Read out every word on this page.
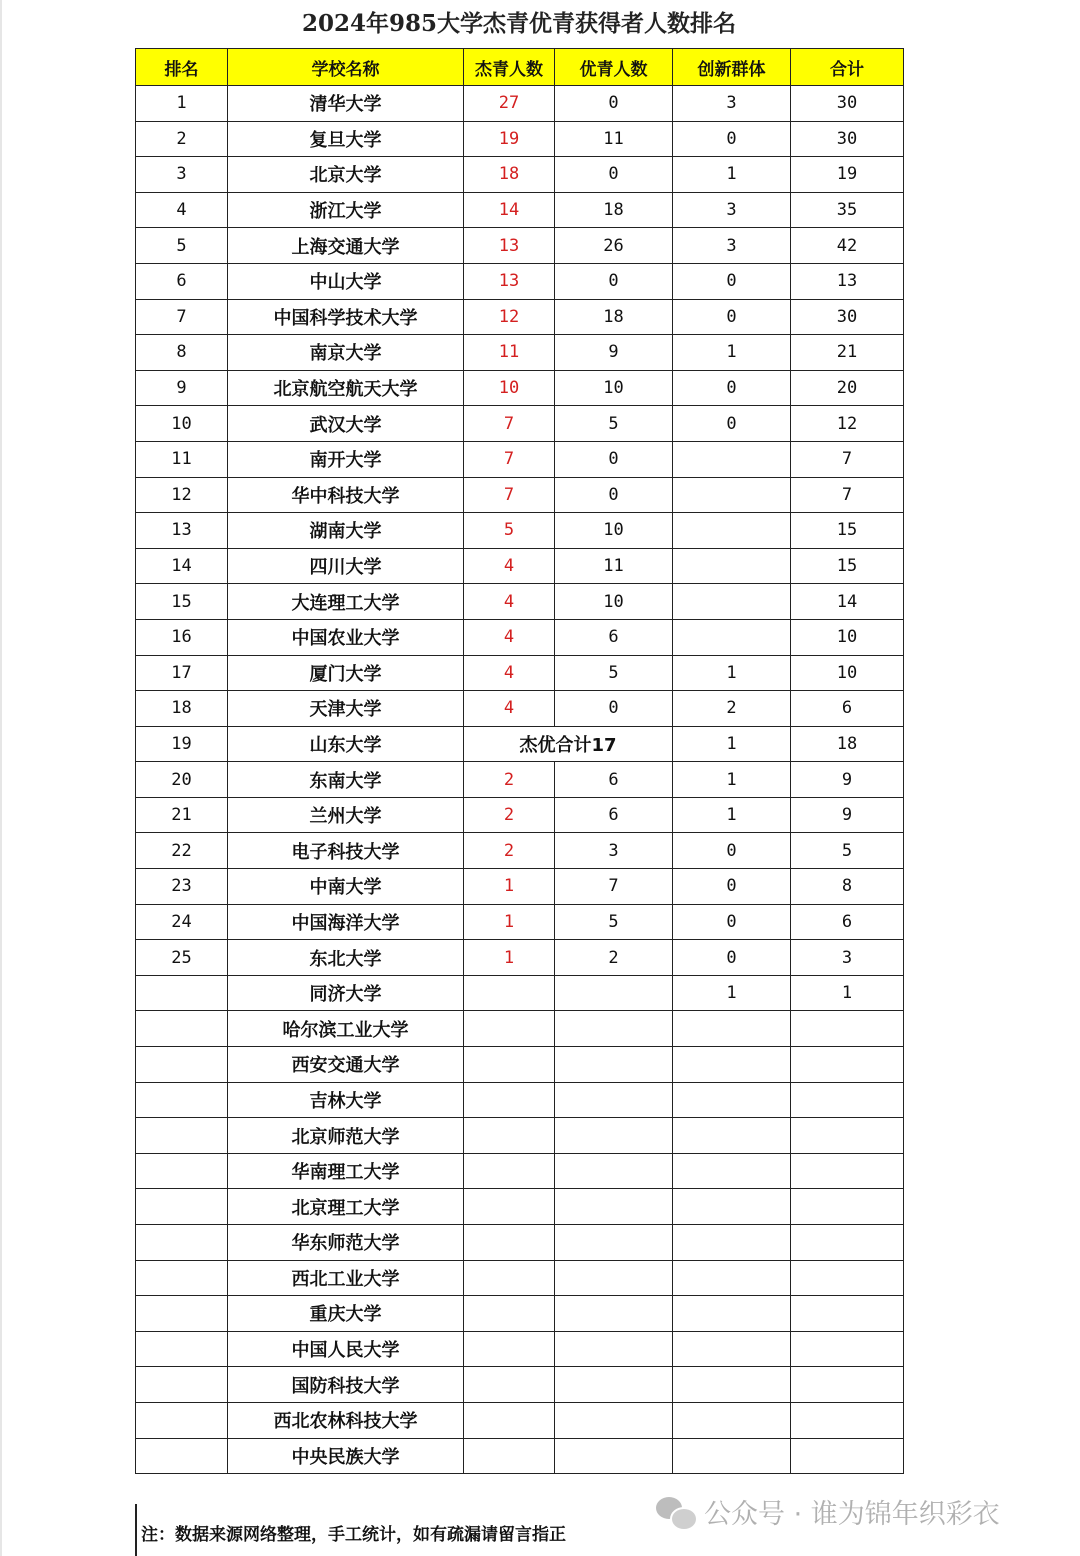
2024年985大学杰青优青获得者人数排名
排名	学校名称	杰青人数	优青人数	创新群体	合计
1	清华大学	27	0	3	30
2	复旦大学	19	11	0	30
3	北京大学	18	0	1	19
4	浙江大学	14	18	3	35
5	上海交通大学	13	26	3	42
6	中山大学	13	0	0	13
7	中国科学技术大学	12	18	0	30
8	南京大学	11	9	1	21
9	北京航空航天大学	10	10	0	20
10	武汉大学	7	5	0	12
11	南开大学	7	0		7
12	华中科技大学	7	0		7
13	湖南大学	5	10		15
14	四川大学	4	11		15
15	大连理工大学	4	10		14
16	中国农业大学	4	6		10
17	厦门大学	4	5	1	10
18	天津大学	4	0	2	6
19	山东大学	杰优合计17		1	18
20	东南大学	2	6	1	9
21	兰州大学	2	6	1	9
22	电子科技大学	2	3	0	5
23	中南大学	1	7	0	8
24	中国海洋大学	1	5	0	6
25	东北大学	1	2	0	3
	同济大学			1	1
	哈尔滨工业大学				
	西安交通大学				
	吉林大学				
	北京师范大学				
	华南理工大学				
	北京理工大学				
	华东师范大学				
	西北工业大学				
	重庆大学				
	中国人民大学				
	国防科技大学				
	西北农林科技大学				
	中央民族大学				
注：数据来源网络整理，手工统计，如有疏漏请留言指正
公众号 · 谁为锦年织彩衣
